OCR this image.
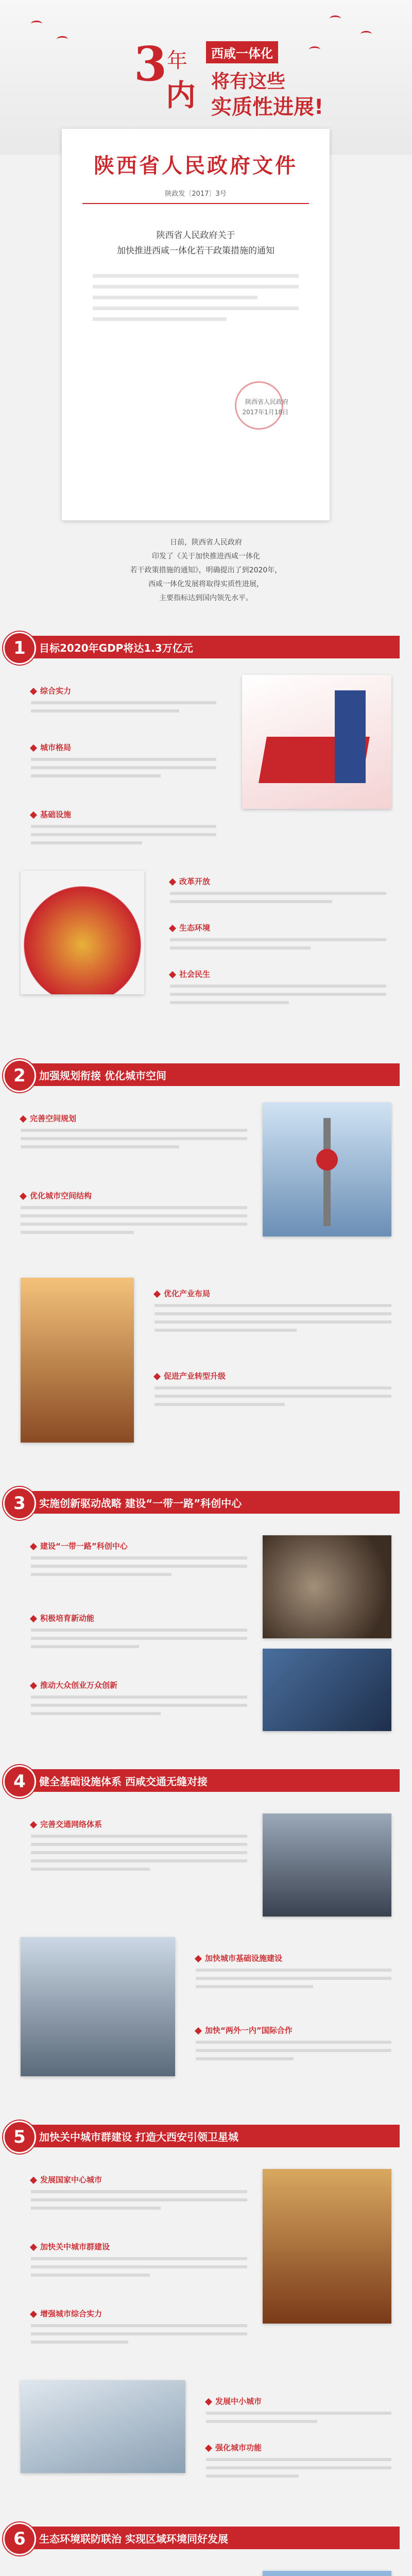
3 年
内
西咸一体化
将有这些
实质性进展!
陕西省人民政府文件
陕政发〔2017〕3号
陕西省人民政府关于
加快推进西咸一体化若干政策措施的通知
陕西省人民政府
2017年1月18日
日前，陕西省人民政府
印发了《关于加快推进西咸一体化
若干政策措施的通知》，明确提出了到2020年，
西咸一体化发展将取得实质性进展，
主要指标达到国内领先水平。
目标2020年GDP将达1.3万亿元
1
综合实力
城市格局
基础设施
改革开放
生态环境
社会民生
加强规划衔接 优化城市空间
2
完善空间规划
优化城市空间结构
优化产业布局
促进产业转型升级
实施创新驱动战略 建设“一带一路”科创中心
3
建设“一带一路”科创中心
积极培育新动能
推动大众创业万众创新
健全基础设施体系 西咸交通无缝对接
4
完善交通网络体系
加快城市基础设施建设
加快“两外一内”国际合作
加快关中城市群建设 打造大西安引领卫星城
5
发展国家中心城市
加快关中城市群建设
增强城市综合实力
发展中小城市
强化城市功能
生态环境联防联治 实现区域环境同好发展
6
